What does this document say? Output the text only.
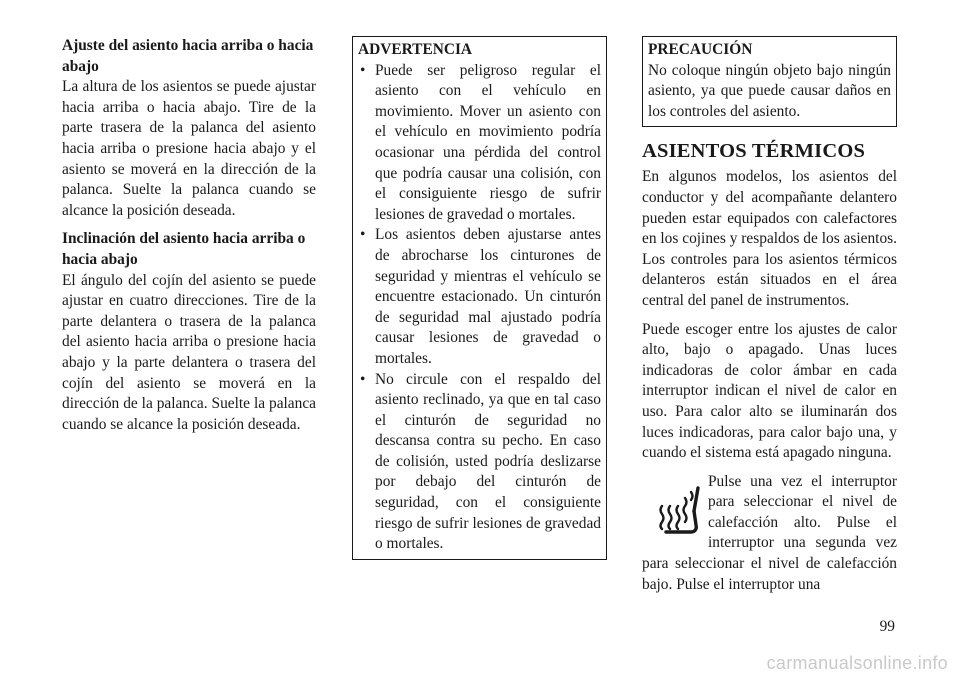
Ajuste del asiento hacia arriba o hacia abajo

La altura de los asientos se puede ajustar hacia arriba o hacia abajo. Tire de la parte trasera de la palanca del asiento hacia arriba o presione hacia abajo y el asiento se moverá en la dirección de la palanca. Suelte la palanca cuando se alcance la posición deseada.

Inclinación del asiento hacia arriba o hacia abajo

El ángulo del cojín del asiento se puede ajustar en cuatro direcciones. Tire de la parte delantera o trasera de la palanca del asiento hacia arriba o presione hacia abajo y la parte delantera o trasera del cojín del asiento se moverá en la dirección de la palanca. Suelte la palanca cuando se alcance la posición deseada.

ADVERTENCIA

• Puede ser peligroso regular el asiento con el vehículo en movimiento. Mover un asiento con el vehículo en movimiento podría ocasionar una pérdida del control que podría causar una colisión, con el consiguiente riesgo de sufrir lesiones de gravedad o mortales.
• Los asientos deben ajustarse antes de abrocharse los cinturones de seguridad y mientras el vehículo se encuentre estacionado. Un cinturón de seguridad mal ajustado podría causar lesiones de gravedad o mortales.
• No circule con el respaldo del asiento reclinado, ya que en tal caso el cinturón de seguridad no descansa contra su pecho. En caso de colisión, usted podría deslizarse por debajo del cinturón de seguridad, con el consiguiente riesgo de sufrir lesiones de gravedad o mortales.

PRECAUCIÓN

No coloque ningún objeto bajo ningún asiento, ya que puede causar daños en los controles del asiento.

ASIENTOS TÉRMICOS

En algunos modelos, los asientos del conductor y del acompañante delantero pueden estar equipados con calefactores en los cojines y respaldos de los asientos. Los controles para los asientos térmicos delanteros están situados en el área central del panel de instrumentos.

Puede escoger entre los ajustes de calor alto, bajo o apagado. Unas luces indicadoras de color ámbar en cada interruptor indican el nivel de calor en uso. Para calor alto se iluminarán dos luces indicadoras, para calor bajo una, y cuando el sistema está apagado ninguna.

Pulse una vez el interruptor para seleccionar el nivel de calefacción alto. Pulse el interruptor una segunda vez para seleccionar el nivel de calefacción bajo. Pulse el interruptor una

99
carmanualsonline.info
